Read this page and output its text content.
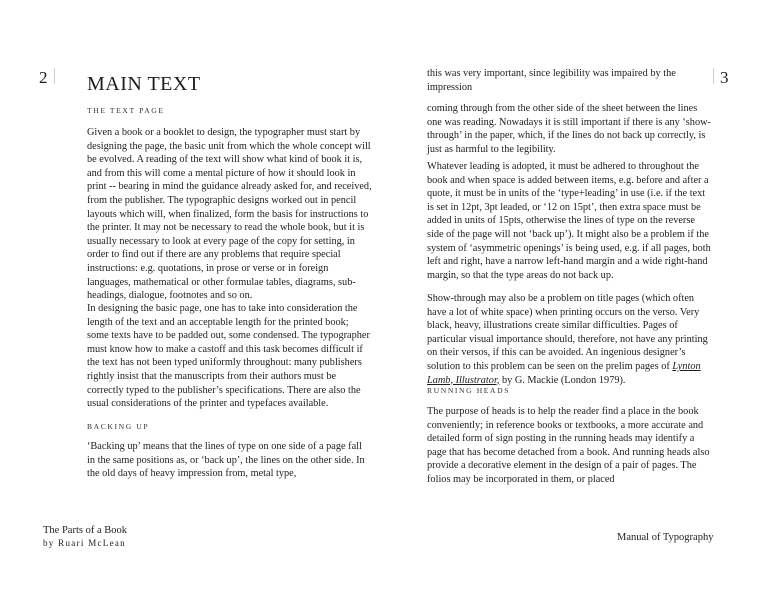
2 MAIN TEXT

THE TEXT PAGE

Given a book or a booklet to design, the typographer must start by designing the page, the basic unit from which the whole concept will be evolved. A reading of the text will show what kind of book it is, and from this will come a mental picture of how it should look in print -- bearing in mind the guidance already asked for, and received, from the publisher. The typographic designs worked out in pencil layouts which will, when finalized, form the basis for instructions to the printer. It may not be necessary to read the whole book, but it is usually necessary to look at every page of the copy for setting, in order to find out if there are any problems that require special instructions: e.g. quotations, in prose or verse or in foreign languages, mathematical or other formulae tables, diagrams, sub-headings, dialogue, footnotes and so on.

In designing the basic page, one has to take into consideration the length of the text and an acceptable length for the printed book; some texts have to be padded out, some condensed. The typographer must know how to make a castoff and this task becomes difficult if the text has not been typed uniformly throughout: many publishers rightly insist that the manuscripts from their authors must be correctly typed to the publisher’s specifications. There are also the usual considerations of the printer and typefaces available.

BACKING UP

‘Backing up’ means that the lines of type on one side of a page fall in the same positions as, or ‘back up’, the lines on the other side. In the old days of heavy impression from, metal type,

The Parts of a Book
by Ruari McLean
3

this was very important, since legibility was impaired by the impression

coming through from the other side of the sheet between the lines one was reading. Nowadays it is still important if there is any ‘show-through’ in the paper, which, if the lines do not back up correctly, is just as harmful to the legibility.

Whatever leading is adopted, it must be adhered to throughout the book and when space is added between items, e.g. before and after a quote, it must be in units of the ‘type+leading’ in use (i.e. if the text is set in 12pt, 3pt leaded, or ‘12 on 15pt’, then extra space must be added in units of 15pts, otherwise the lines of type on the reverse side of the page will not ‘back up’). It might also be a problem if the system of ‘asymmetric openings’ is being used, e.g. if all pages, both left and right, have a narrow left-hand margin and a wide right-hand margin, so that the type areas do not back up.

Show-through may also be a problem on title pages (which often have a lot of white space) when printing occurs on the verso. Very black, heavy, illustrations create similar difficulties. Pages of particular visual importance should, therefore, not have any printing on their versos, if this can be avoided. An ingenious designer’s solution to this problem can be seen on the prelim pages of Lynton Lamb, Illustrator, by G. Mackie (London 1979).

RUNNING HEADS

The purpose of heads is to help the reader find a place in the book conveniently; in reference books or textbooks, a more accurate and detailed form of sign posting in the running heads may identify a page that has become detached from a book. And running heads also provide a decorative element in the design of a pair of pages. The folios may be incorporated in them, or placed

Manual of Typography
